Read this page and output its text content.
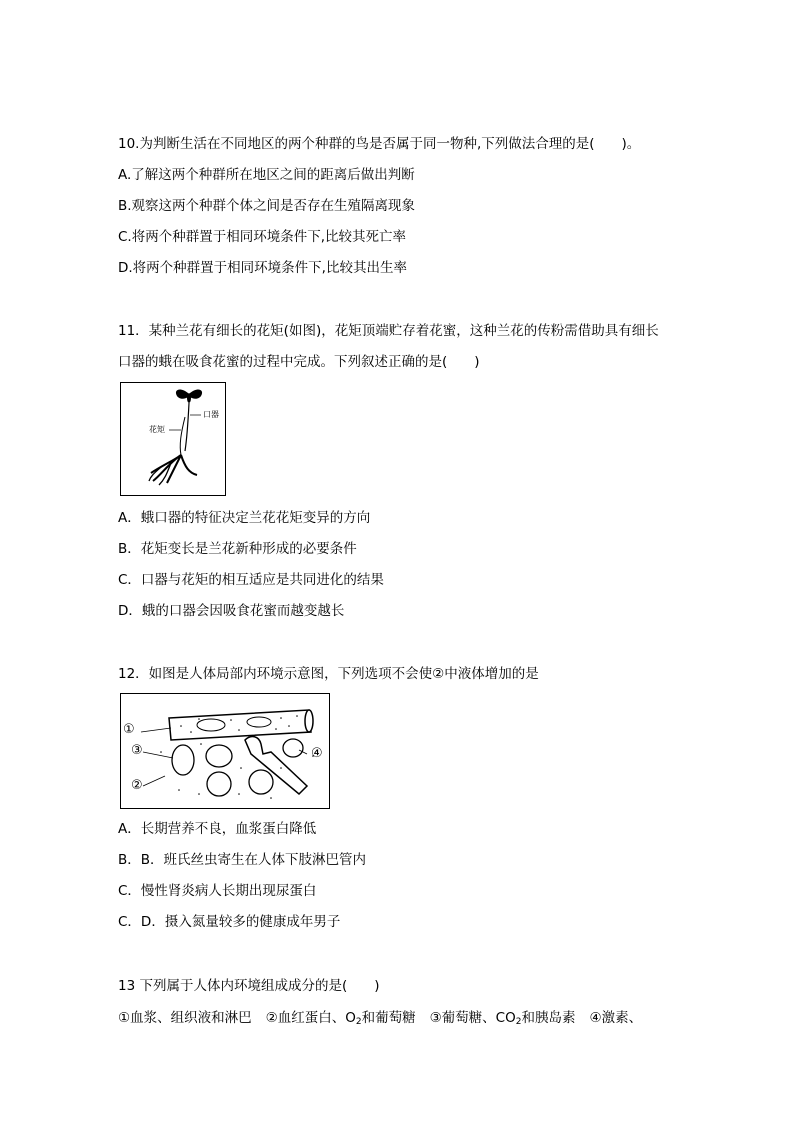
10.为判断生活在不同地区的两个种群的鸟是否属于同一物种,下列做法合理的是(　　)。
A.了解这两个种群所在地区之间的距离后做出判断
B.观察这两个种群个体之间是否存在生殖隔离现象
C.将两个种群置于相同环境条件下,比较其死亡率
D.将两个种群置于相同环境条件下,比较其出生率
11．某种兰花有细长的花矩(如图)，花矩顶端贮存着花蜜，这种兰花的传粉需借助具有细长
口器的蛾在吸食花蜜的过程中完成。下列叙述正确的是(　　)
口器
花矩
A．蛾口器的特征决定兰花花矩变异的方向
B．花矩变长是兰花新种形成的必要条件
C．口器与花矩的相互适应是共同进化的结果
D．蛾的口器会因吸食花蜜而越变越长
12．如图是人体局部内环境示意图，下列选项不会使②中液体增加的是
①
③
②
④
A．长期营养不良，血浆蛋白降低
B．B．班氏丝虫寄生在人体下肢淋巴管内
C．慢性肾炎病人长期出现尿蛋白
C．D．摄入氮量较多的健康成年男子
13 下列属于人体内环境组成成分的是(　　)
①血浆、组织液和淋巴 ②血红蛋白、$O_2$和葡萄糖 ③葡萄糖、$CO_2$和胰岛素 ④激素、
